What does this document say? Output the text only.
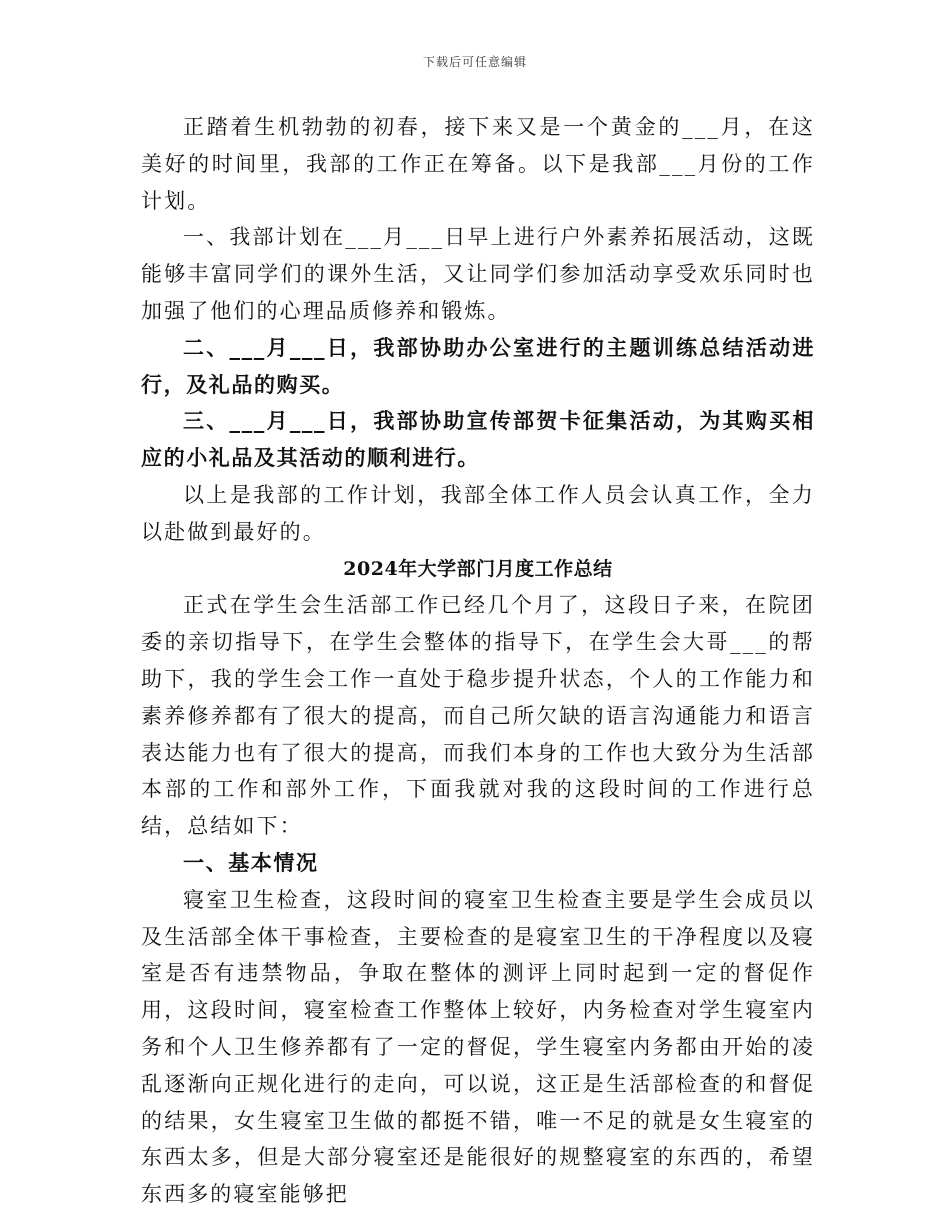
下载后可任意编辑

正踏着生机勃勃的初春，接下来又是一个黄金的___月，在这美好的时间里，我部的工作正在筹备。以下是我部___月份的工作计划。

一、我部计划在___月___日早上进行户外素养拓展活动，这既能够丰富同学们的课外生活，又让同学们参加活动享受欢乐同时也加强了他们的心理品质修养和锻炼。

二、___月___日，我部协助办公室进行的主题训练总结活动进行，及礼品的购买。

三、___月___日，我部协助宣传部贺卡征集活动，为其购买相应的小礼品及其活动的顺利进行。

以上是我部的工作计划，我部全体工作人员会认真工作，全力以赴做到最好的。

2024年大学部门月度工作总结

正式在学生会生活部工作已经几个月了，这段日子来，在院团委的亲切指导下，在学生会整体的指导下，在学生会大哥___的帮助下，我的学生会工作一直处于稳步提升状态，个人的工作能力和素养修养都有了很大的提高，而自己所欠缺的语言沟通能力和语言表达能力也有了很大的提高，而我们本身的工作也大致分为生活部本部的工作和部外工作，下面我就对我的这段时间的工作进行总结，总结如下：

一、基本情况

寝室卫生检查，这段时间的寝室卫生检查主要是学生会成员以及生活部全体干事检查，主要检查的是寝室卫生的干净程度以及寝室是否有违禁物品，争取在整体的测评上同时起到一定的督促作用，这段时间，寝室检查工作整体上较好，内务检查对学生寝室内务和个人卫生修养都有了一定的督促，学生寝室内务都由开始的凌乱逐渐向正规化进行的走向，可以说，这正是生活部检查的和督促的结果，女生寝室卫生做的都挺不错，唯一不足的就是女生寝室的东西太多，但是大部分寝室还是能很好的规整寝室的东西的，希望东西多的寝室能够把
